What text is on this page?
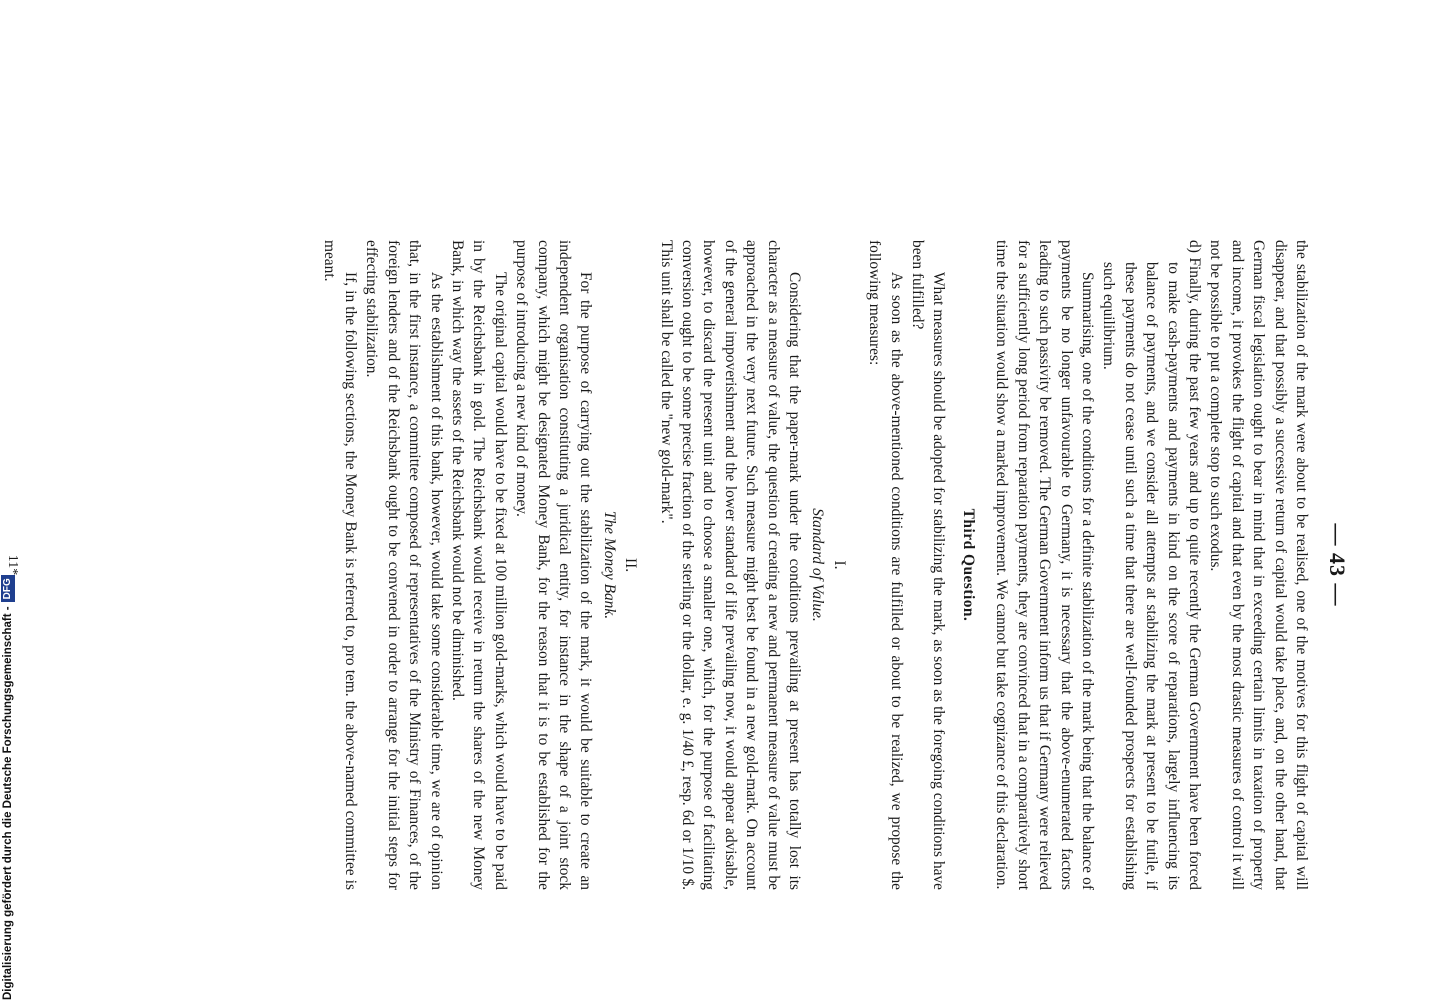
— 43 —

the stabilization of the mark were about to be realised, one of the motives for this flight of capital will disappear, and that possibly a successive return of capital would take place, and, on the other hand, that German fiscal legislation ought to bear in mind that in exceeding certain limits in taxation of property and income, it provokes the flight of capital and that even by the most drastic measures of control it will not be possible to put a complete stop to such exodus.

d) Finally, during the past few years and up to quite recently the German Government have been forced to make cash-payments and payments in kind on the score of reparations, largely influencing its balance of payments, and we consider all attempts at stabilizing the mark at present to be futile, if these payments do not cease until such a time that there are well-founded prospects for establishing such equilibrium.

Summarising, one of the conditions for a definite stabilization of the mark being that the balance of payments be no longer unfavourable to Germany, it is necessary that the above-enumerated factors leading to such passivity be removed. The German Government inform us that if Germany were relieved for a sufficiently long period from reparation payments, they are convinced that in a comparatively short time the situation would show a marked improvement. We cannot but take cognizance of this declaration.

Third Question.

What measures should be adopted for stabilizing the mark, as soon as the foregoing conditions have been fulfilled?

As soon as the above-mentioned conditions are fulfilled or about to be realized, we propose the following measures:

I.
Standard of Value.

Considering that the paper-mark under the conditions prevailing at present has totally lost its character as a measure of value, the question of creating a new and permanent measure of value must be approached in the very next future. Such measure might best be found in a new gold-mark. On account of the general impoverishment and the lower standard of life prevailing now, it would appear advisable, however, to discard the present unit and to choose a smaller one, which, for the purpose of facilitating conversion ought to be some precise fraction of the sterling or the dollar, e. g. 1/40 £, resp. 6d or 1/10 $. This unit shall be called the "new gold-mark".

II.
The Money Bank.

For the purpose of carrying out the stabilization of the mark, it would be suitable to create an independent organisation constituting a juridical entity, for instance in the shape of a joint stock company, which might be designated Money Bank, for the reason that it is to be established for the purpose of introducing a new kind of money.

The original capital would have to be fixed at 100 million gold-marks, which would have to be paid in by the Reichsbank in gold. The Reichsbank would receive in return the shares of the new Money Bank, in which way the assets of the Reichsbank would not be diminished.

As the establishment of this bank, however, would take some considerable time, we are of opinion that, in the first instance, a committee composed of representatives of the Ministry of Finances, of the foreign lenders and of the Reichsbank ought to be convened in order to arrange for the initial steps for effecting stabilization.

If, in the following sections, the Money Bank is referred to, pro tem. the above-named committee is meant.

11*
Digitalisierung gefördert durch die Deutsche Forschungsgemeinschaft -DFG
